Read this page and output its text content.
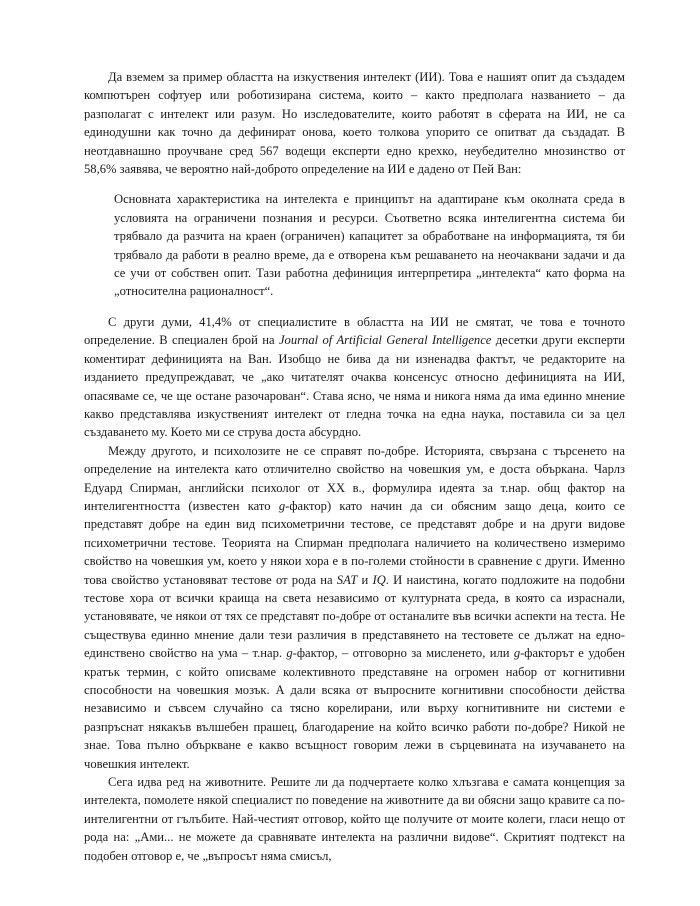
Да вземем за пример областта на изкуствения интелект (ИИ). Това е нашият опит да създадем компютърен софтуер или роботизирана система, които – както предполага названието – да разполагат с интелект или разум. Но изследователите, които работят в сферата на ИИ, не са единодушни как точно да дефинират онова, което толкова упорито се опитват да създадат. В неотдавнашно проучване сред 567 водещи експерти едно крехко, неубедително мнозинство от 58,6% заявява, че вероятно най-доброто определение на ИИ е дадено от Пей Ван:

Основната характеристика на интелекта е принципът на адаптиране към околната среда в условията на ограничени познания и ресурси. Съответно всяка интелигентна система би трябвало да разчита на краен (ограничен) капацитет за обработване на информацията, тя би трябвало да работи в реално време, да е отворена към решаването на неочаквани задачи и да се учи от собствен опит. Тази работна дефиниция интерпретира „интелекта“ като форма на „относителна рационалност“.

С други думи, 41,4% от специалистите в областта на ИИ не смятат, че това е точното определение. В специален брой на Journal of Artificial General Intelligence десетки други експерти коментират дефиницията на Ван. Изобщо не бива да ни изненадва фактът, че редакторите на изданието предупреждават, че „ако читателят очаква консенсус относно дефиницията на ИИ, опасяваме се, че ще остане разочарован“. Става ясно, че няма и никога няма да има единно мнение какво представлява изкуственият интелект от гледна точка на една наука, поставила си за цел създаването му. Което ми се струва доста абсурдно.

Между другото, и психолозите не се справят по-добре. Историята, свързана с търсенето на определение на интелекта като отличително свойство на човешкия ум, е доста объркана. Чарлз Едуард Спирман, английски психолог от XX в., формулира идеята за т.нар. общ фактор на интелигентността (известен като g-фактор) като начин да си обясним защо деца, които се представят добре на един вид психометрични тестове, се представят добре и на други видове психометрични тестове. Теорията на Спирман предполага наличието на количествено измеримо свойство на човешкия ум, което у някои хора е в по-големи стойности в сравнение с други. Именно това свойство установяват тестове от рода на SAT и IQ. И наистина, когато подложите на подобни тестове хора от всички краища на света независимо от културната среда, в която са израснали, установявате, че някои от тях се представят по-добре от останалите във всички аспекти на теста. Не съществува единно мнение дали тези различия в представянето на тестовете се дължат на едно-единствено свойство на ума – т.нар. g-фактор, – отговорно за мисленето, или g-факторът е удобен кратък термин, с който описваме колективното представяне на огромен набор от когнитивни способности на човешкия мозък. А дали всяка от въпросните когнитивни способности действа независимо и съвсем случайно са тясно корелирани, или върху когнитивните ни системи е разпръснат някакъв вълшебен прашец, благодарение на който всичко работи по-добре? Никой не знае. Това пълно объркване е какво всъщност говорим лежи в сърцевината на изучаването на човешкия интелект.

Сега идва ред на животните. Решите ли да подчертаете колко хлъзгава е самата концепция за интелекта, помолете някой специалист по поведение на животните да ви обясни защо кравите са по-интелигентни от гълъбите. Най-честият отговор, който ще получите от моите колеги, гласи нещо от рода на: „Ами... не можете да сравнявате интелекта на различни видове“. Скритият подтекст на подобен отговор е, че „въпросът няма смисъл,
